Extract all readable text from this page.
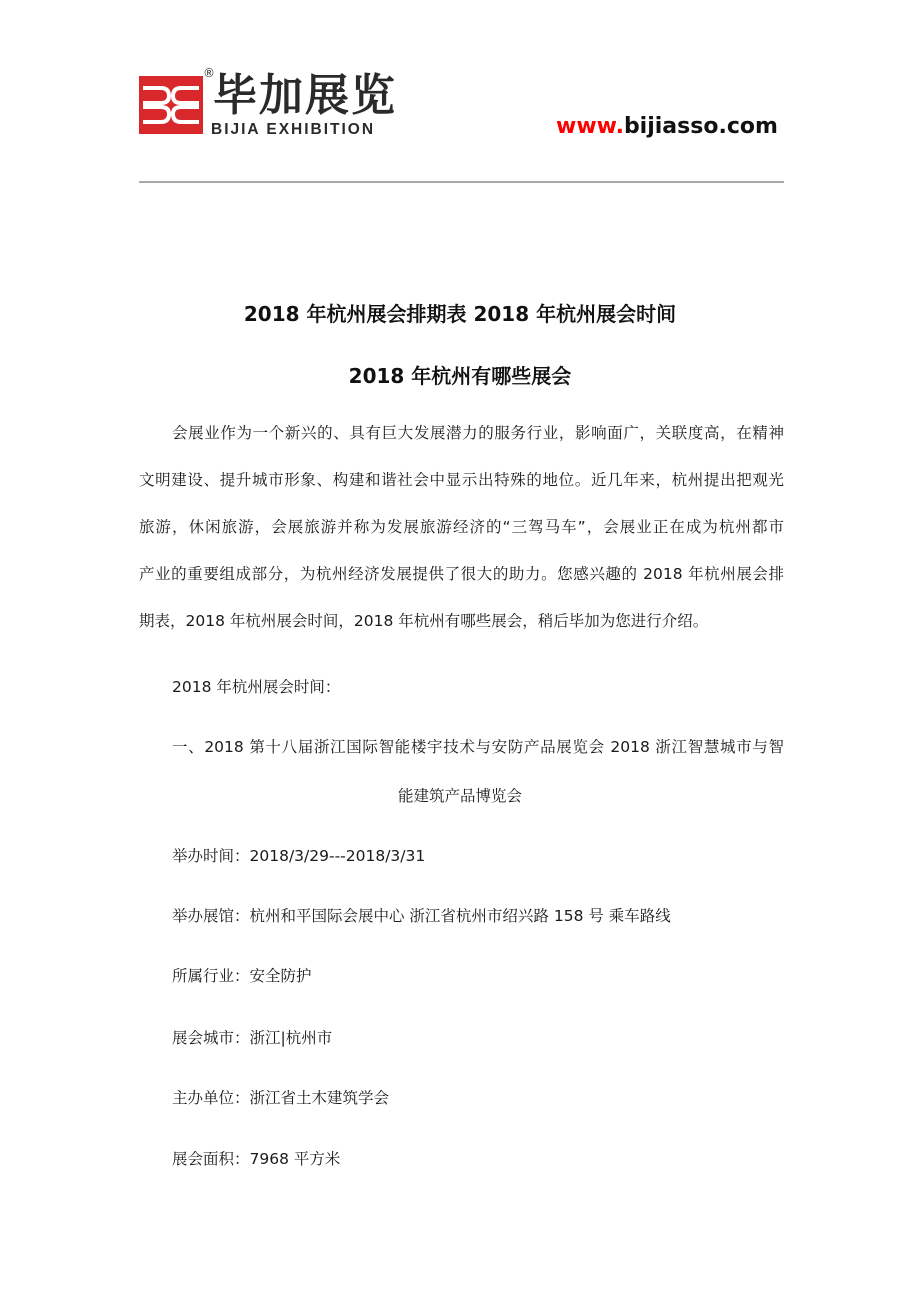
®
毕加展览
BIJIA EXHIBITION	www.bijiasso.com
2018 年杭州展会排期表 2018 年杭州展会时间
2018 年杭州有哪些展会
会展业作为一个新兴的、具有巨大发展潜力的服务行业，影响面广，关联度高，在精神
文明建设、提升城市形象、构建和谐社会中显示出特殊的地位。近几年来，杭州提出把观光
旅游，休闲旅游，会展旅游并称为发展旅游经济的“三驾马车”，会展业正在成为杭州都市
产业的重要组成部分，为杭州经济发展提供了很大的助力。您感兴趣的 2018 年杭州展会排
期表，2018 年杭州展会时间，2018 年杭州有哪些展会，稍后毕加为您进行介绍。
2018 年杭州展会时间：
一、2018 第十八届浙江国际智能楼宇技术与安防产品展览会 2018 浙江智慧城市与智
能建筑产品博览会
举办时间：2018/3/29---2018/3/31
举办展馆：杭州和平国际会展中心 浙江省杭州市绍兴路 158 号 乘车路线
所属行业：安全防护
展会城市：浙江|杭州市
主办单位：浙江省土木建筑学会
展会面积：7968 平方米
